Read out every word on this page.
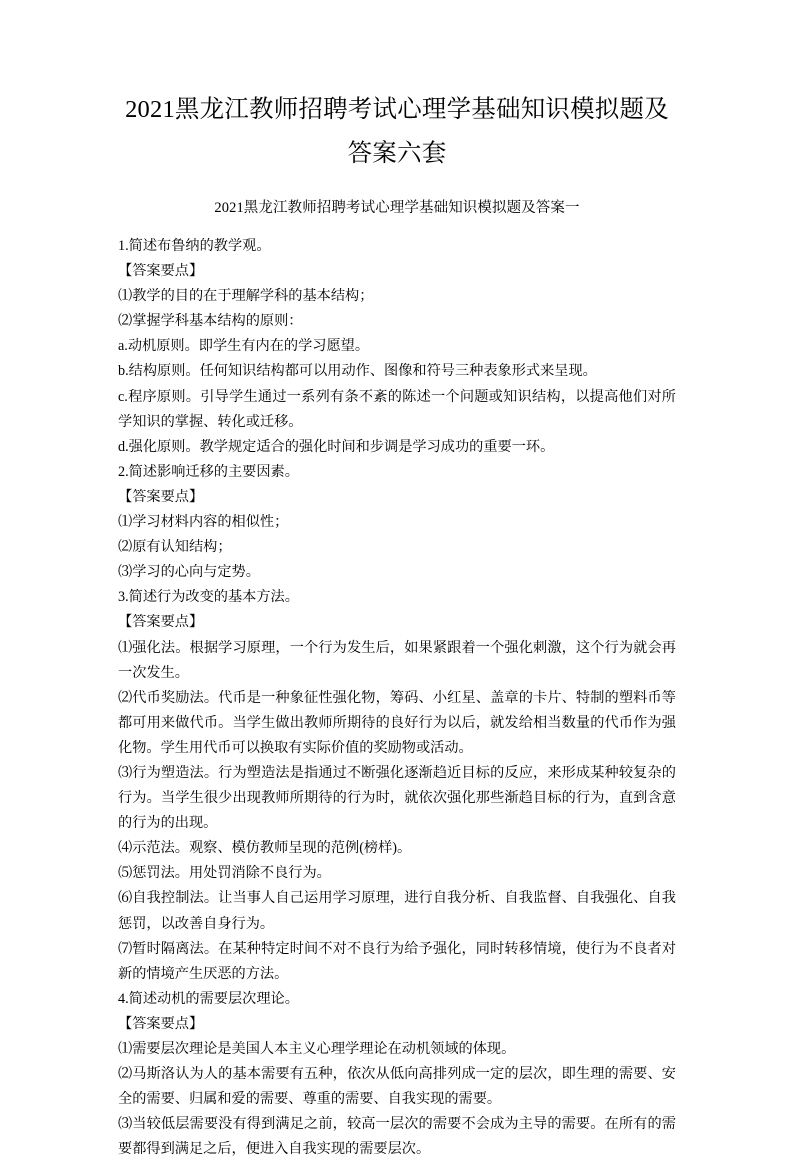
2021黑龙江教师招聘考试心理学基础知识模拟题及答案六套
2021黑龙江教师招聘考试心理学基础知识模拟题及答案一

1.简述布鲁纳的教学观。

【答案要点】

⑴教学的目的在于理解学科的基本结构；

⑵掌握学科基本结构的原则：

a.动机原则。即学生有内在的学习愿望。

b.结构原则。任何知识结构都可以用动作、图像和符号三种表象形式来呈现。

c.程序原则。引导学生通过一系列有条不紊的陈述一个问题或知识结构，以提高他们对所学知识的掌握、转化或迁移。

d.强化原则。教学规定适合的强化时间和步调是学习成功的重要一环。

2.简述影响迁移的主要因素。

【答案要点】

⑴学习材料内容的相似性；

⑵原有认知结构；

⑶学习的心向与定势。

3.简述行为改变的基本方法。

【答案要点】

⑴强化法。根据学习原理，一个行为发生后，如果紧跟着一个强化刺激，这个行为就会再一次发生。

⑵代币奖励法。代币是一种象征性强化物，筹码、小红星、盖章的卡片、特制的塑料币等都可用来做代币。当学生做出教师所期待的良好行为以后，就发给相当数量的代币作为强化物。学生用代币可以换取有实际价值的奖励物或活动。

⑶行为塑造法。行为塑造法是指通过不断强化逐渐趋近目标的反应，来形成某种较复杂的行为。当学生很少出现教师所期待的行为时，就依次强化那些渐趋目标的行为，直到含意的行为的出现。

⑷示范法。观察、模仿教师呈现的范例(榜样)。

⑸惩罚法。用处罚消除不良行为。

⑹自我控制法。让当事人自己运用学习原理，进行自我分析、自我监督、自我强化、自我惩罚，以改善自身行为。

⑺暂时隔离法。在某种特定时间不对不良行为给予强化，同时转移情境，使行为不良者对新的情境产生厌恶的方法。

4.简述动机的需要层次理论。

【答案要点】

⑴需要层次理论是美国人本主义心理学理论在动机领域的体现。

⑵马斯洛认为人的基本需要有五种，依次从低向高排列成一定的层次，即生理的需要、安全的需要、归属和爱的需要、尊重的需要、自我实现的需要。

⑶当较低层需要没有得到满足之前，较高一层次的需要不会成为主导的需要。在所有的需要都得到满足之后，便进入自我实现的需要层次。
